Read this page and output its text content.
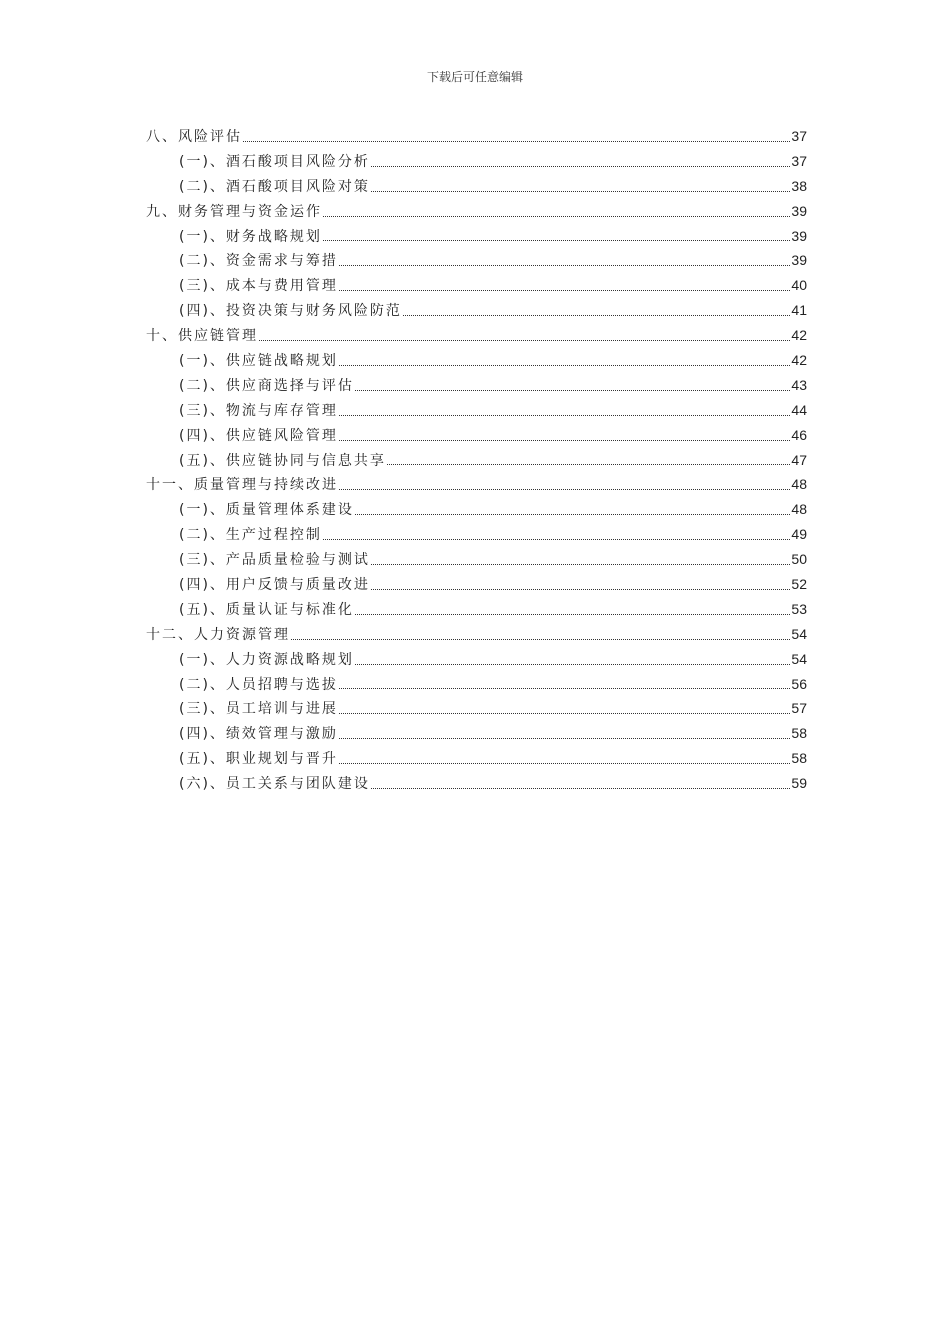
下载后可任意编辑
八、风险评估	37
(一)、酒石酸项目风险分析	37
(二)、酒石酸项目风险对策	38
九、财务管理与资金运作	39
(一)、财务战略规划	39
(二)、资金需求与筹措	39
(三)、成本与费用管理	40
(四)、投资决策与财务风险防范	41
十、供应链管理	42
(一)、供应链战略规划	42
(二)、供应商选择与评估	43
(三)、物流与库存管理	44
(四)、供应链风险管理	46
(五)、供应链协同与信息共享	47
十一、质量管理与持续改进	48
(一)、质量管理体系建设	48
(二)、生产过程控制	49
(三)、产品质量检验与测试	50
(四)、用户反馈与质量改进	52
(五)、质量认证与标准化	53
十二、人力资源管理	54
(一)、人力资源战略规划	54
(二)、人员招聘与选拔	56
(三)、员工培训与进展	57
(四)、绩效管理与激励	58
(五)、职业规划与晋升	58
(六)、员工关系与团队建设	59
